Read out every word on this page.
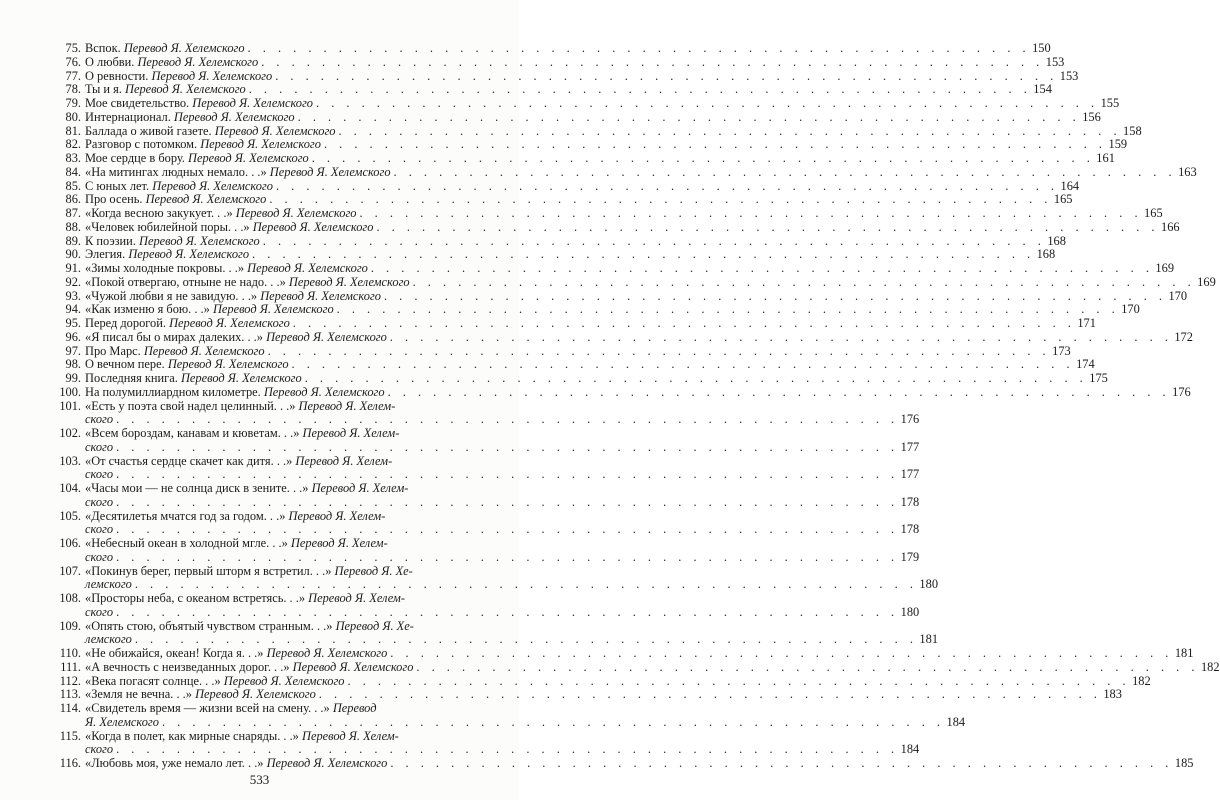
75. Вспок. Перевод Я. Хелемского . . .	150
76. О любви. Перевод Я. Хелемского . . .	153
77. О ревности. Перевод Я. Хелемского . . .	153
78. Ты и я. Перевод Я. Хелемского . . .	154
79. Мое свидетельство. Перевод Я. Хелемского . . .	155
80. Интернационал. Перевод Я. Хелемского . . .	156
81. Баллада о живой газете. Перевод Я. Хелемского . . .	158
82. Разговор с потомком. Перевод Я. Хелемского . . .	159
83. Мое сердце в бору. Перевод Я. Хелемского . . .	161
84. «На митингах людных немало. . .» Перевод Я. Хелемского . . .	163
85. С юных лет. Перевод Я. Хелемского . . .	164
86. Про осень. Перевод Я. Хелемского . . .	165
87. «Когда весною закукует. . .» Перевод Я. Хелемского . . .	165
88. «Человек юбилейной поры. . .» Перевод Я. Хелемского . . .	166
89. К поэзии. Перевод Я. Хелемского . . .	168
90. Элегия. Перевод Я. Хелемского . . .	168
91. «Зимы холодные покровы. . .» Перевод Я. Хелемского . . .	169
92. «Покой отвергаю, отныне не надо. . .» Перевод Я. Хелемского . . .	169
93. «Чужой любви я не завидую. . .» Перевод Я. Хелемского . . .	170
94. «Как изменю я бою. . .» Перевод Я. Хелемского . . .	170
95. Перед дорогой. Перевод Я. Хелемского . . .	171
96. «Я писал бы о мирах далеких. . .» Перевод Я. Хелемского . . .	172
97. Про Марс. Перевод Я. Хелемского . . .	173
98. О вечном пере. Перевод Я. Хелемского . . .	174
99. Последняя книга. Перевод Я. Хелемского . . .	175
100. На полумиллиардном километре. Перевод Я. Хелемского . . .	176
101. «Есть у поэта свой надел целинный. . .» Перевод Я. Хелем-
ского . . .	176
102. «Всем бороздам, канавам и кюветам. . .» Перевод Я. Хелем-
ского . . .	177
103. «От счастья сердце скачет как дитя. . .» Перевод Я. Хелем-
ского . . .	177
104. «Часы мои — не солнца диск в зените. . .» Перевод Я. Хелем-
ского . . .	178
105. «Десятилетья мчатся год за годом. . .» Перевод Я. Хелем-
ского . . .	178
106. «Небесный океан в холодной мгле. . .» Перевод Я. Хелем-
ского . . .	179
107. «Покинув берег, первый шторм я встретил. . .» Перевод Я. Хе-
лемского . . .	180
108. «Просторы неба, с океаном встретясь. . .» Перевод Я. Хелем-
ского . . .	180
109. «Опять стою, объятый чувством странным. . .» Перевод Я. Хе-
лемского . . .	181
110. «Не обижайся, океан! Когда я. . .» Перевод Я. Хелемского . . .	181
111. «А вечность с неизведанных дорог. . .» Перевод Я. Хелемского . . .	182
112. «Века погасят солнце. . .» Перевод Я. Хелемского . . .	182
113. «Земля не вечна. . .» Перевод Я. Хелемского . . .	183
114. «Свидетель время — жизни всей на смену. . .» Перевод
Я. Хелемского . . .	184
115. «Когда в полет, как мирные снаряды. . .» Перевод Я. Хелем-
ского . . .	184
116. «Любовь моя, уже немало лет. . .» Перевод Я. Хелемского . . .	185
533
